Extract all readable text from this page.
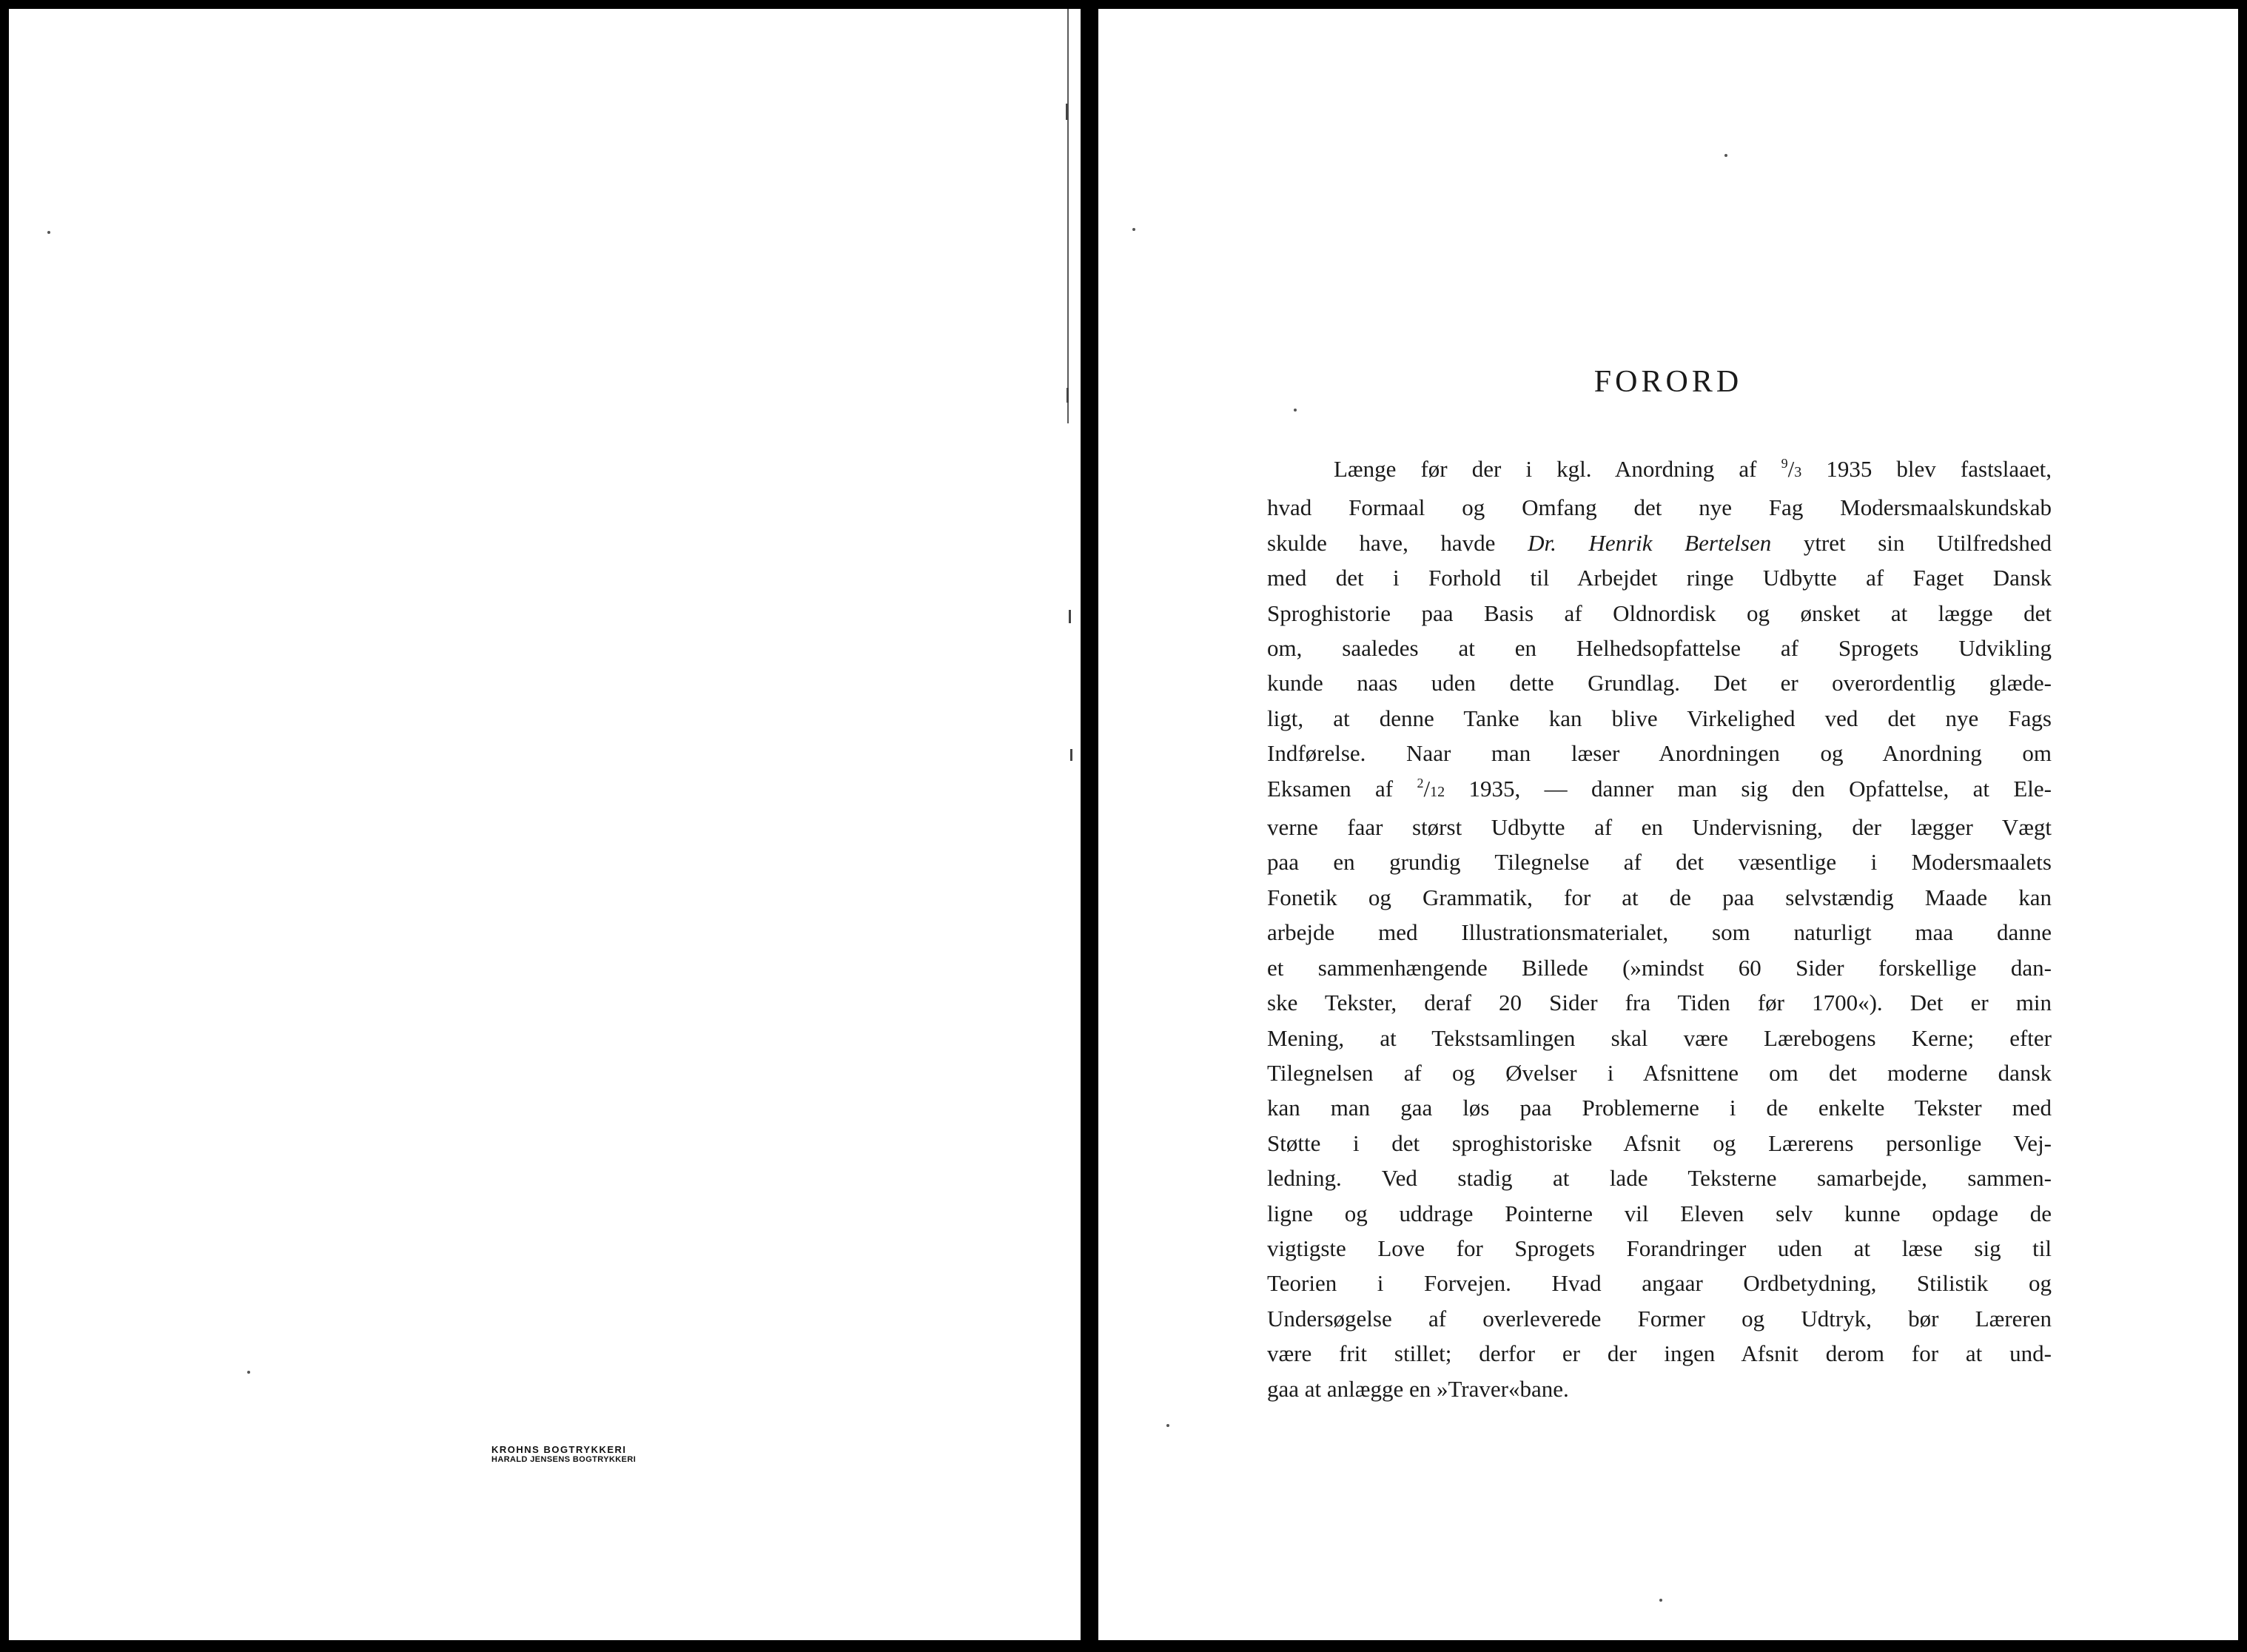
KROHNS BOGTRYKKERI
HARALD JENSENS BOGTRYKKERI
FORORD
Længe før der i kgl. Anordning af $^9$/3 1935 blev fastslaaet,
hvad Formaal og Omfang det nye Fag Modersmaalskundskab
skulde have, havde Dr. Henrik Bertelsen ytret sin Utilfredshed
med det i Forhold til Arbejdet ringe Udbytte af Faget Dansk
Sproghistorie paa Basis af Oldnordisk og ønsket at lægge det
om, saaledes at en Helhedsopfattelse af Sprogets Udvikling
kunde naas uden dette Grundlag. Det er overordentlig glæde-
ligt, at denne Tanke kan blive Virkelighed ved det nye Fags
Indførelse. Naar man læser Anordningen og Anordning om
Eksamen af $^2$/12 1935, — danner man sig den Opfattelse, at Ele-
verne faar størst Udbytte af en Undervisning, der lægger Vægt
paa en grundig Tilegnelse af det væsentlige i Modersmaalets
Fonetik og Grammatik, for at de paa selvstændig Maade kan
arbejde med Illustrationsmaterialet, som naturligt maa danne
et sammenhængende Billede (»mindst 60 Sider forskellige dan-
ske Tekster, deraf 20 Sider fra Tiden før 1700«). Det er min
Mening, at Tekstsamlingen skal være Lærebogens Kerne; efter
Tilegnelsen af og Øvelser i Afsnittene om det moderne dansk
kan man gaa løs paa Problemerne i de enkelte Tekster med
Støtte i det sproghistoriske Afsnit og Lærerens personlige Vej-
ledning. Ved stadig at lade Teksterne samarbejde, sammen-
ligne og uddrage Pointerne vil Eleven selv kunne opdage de
vigtigste Love for Sprogets Forandringer uden at læse sig til
Teorien i Forvejen. Hvad angaar Ordbetydning, Stilistik og
Undersøgelse af overleverede Former og Udtryk, bør Læreren
være frit stillet; derfor er der ingen Afsnit derom for at und-
gaa at anlægge en »Traver«bane.
